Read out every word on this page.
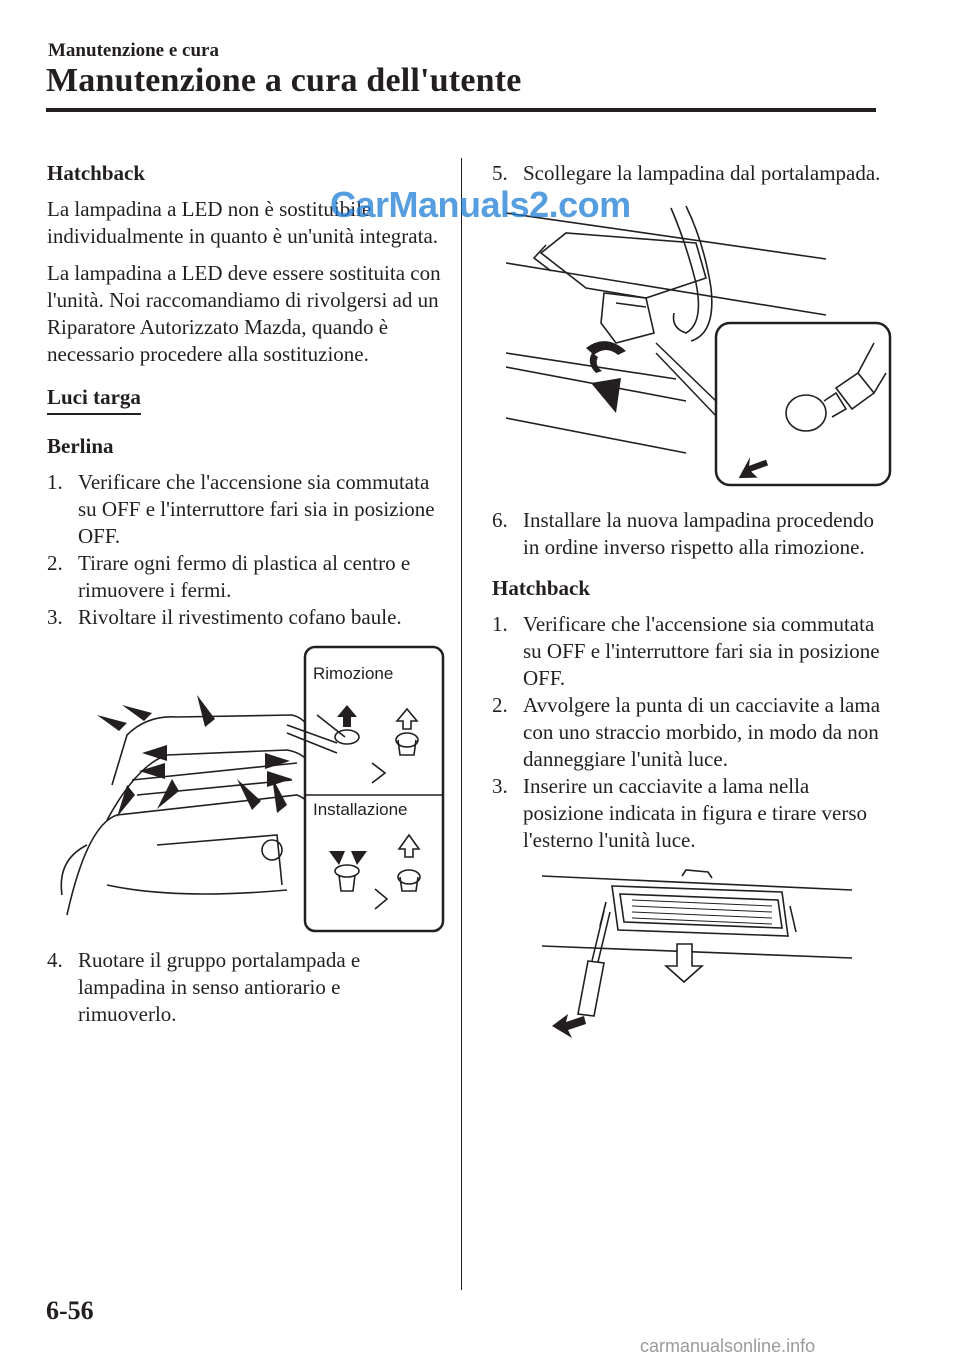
Manutenzione e cura
Manutenzione a cura dell'utente
Hatchback

La lampadina a LED non è sostituibile individualmente in quanto è un'unità integrata.

La lampadina a LED deve essere sostituita con l'unità. Noi raccomandiamo di rivolgersi ad un Riparatore Autorizzato Mazda, quando è necessario procedere alla sostituzione.

Luci targa
Berlina
1. Verificare che l'accensione sia commutata su OFF e l'interruttore fari sia in posizione OFF.
2. Tirare ogni fermo di plastica al centro e rimuovere i fermi.
3. Rivoltare il rivestimento cofano baule.
Rimozione
Installazione
4. Ruotare il gruppo portalampada e lampadina in senso antiorario e rimuoverlo.
5. Scollegare la lampadina dal portalampada.
6. Installare la nuova lampadina procedendo in ordine inverso rispetto alla rimozione.
Hatchback
1. Verificare che l'accensione sia commutata su OFF e l'interruttore fari sia in posizione OFF.
2. Avvolgere la punta di un cacciavite a lama con uno straccio morbido, in modo da non danneggiare l'unità luce.
3. Inserire un cacciavite a lama nella posizione indicata in figura e tirare verso l'esterno l'unità luce.
CarManuals2.com
6-56
carmanualsonline.info
